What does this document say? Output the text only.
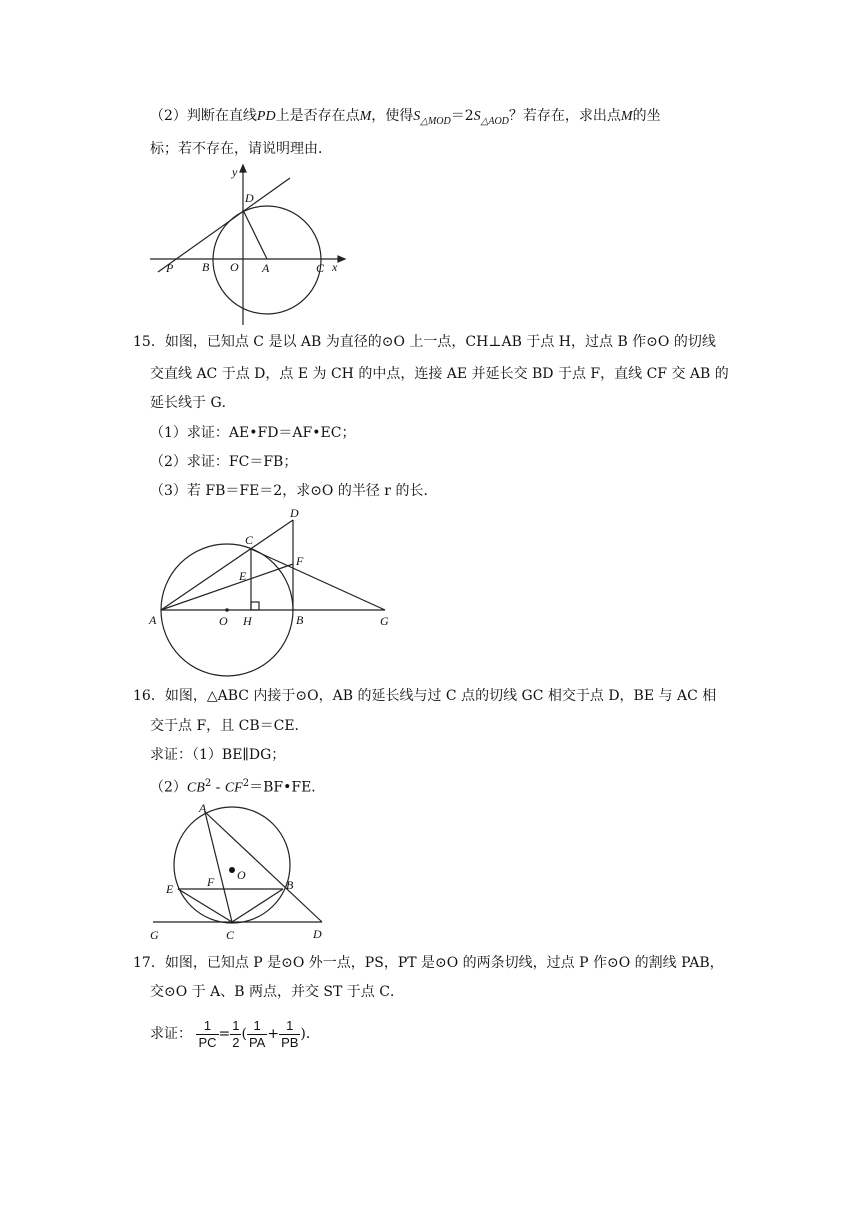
（2）判断在直线PD上是否存在点M，使得$S_{\triangle MOD}=2S_{\triangle AOD}$？若存在，求出点M的坐
标；若不存在，请说明理由．
y
D
P B O A	C x
15．如图，已知点 C 是以 AB 为直径的⊙O 上一点，CH⊥AB 于点 H，过点 B 作⊙O 的切线
交直线 AC 于点 D，点 E 为 CH 的中点，连接 AE 并延长交 BD 于点 F，直线 CF 交 AB 的
延长线于 G．
（1）求证：AE•FD＝AF•EC；
（2）求证：FC＝FB；
（3）若 FB＝FE＝2，求⊙O 的半径 r 的长．
D
C
F
E
A	O H	B	G
16．如图，△ABC 内接于⊙O，AB 的延长线与过 C 点的切线 GC 相交于点 D，BE 与 AC 相
交于点 F，且 CB＝CE．
求证：（1）BE∥DG；
$(2)CB^2$ - $CF^2=BF•FE$．
A
O
F
E	B
G	C	D
17．如图，已知点 P 是⊙O 外一点，PS，PT 是⊙O 的两条切线，过点 P 作⊙O 的割线 PAB，
交⊙O 于 A、B 两点，并交 ST 于点 C．
求证： $\frac{1}{PC} = \frac{1}{2}$ ( $\frac{1}{PA} + \frac{1}{PB}$ )．
